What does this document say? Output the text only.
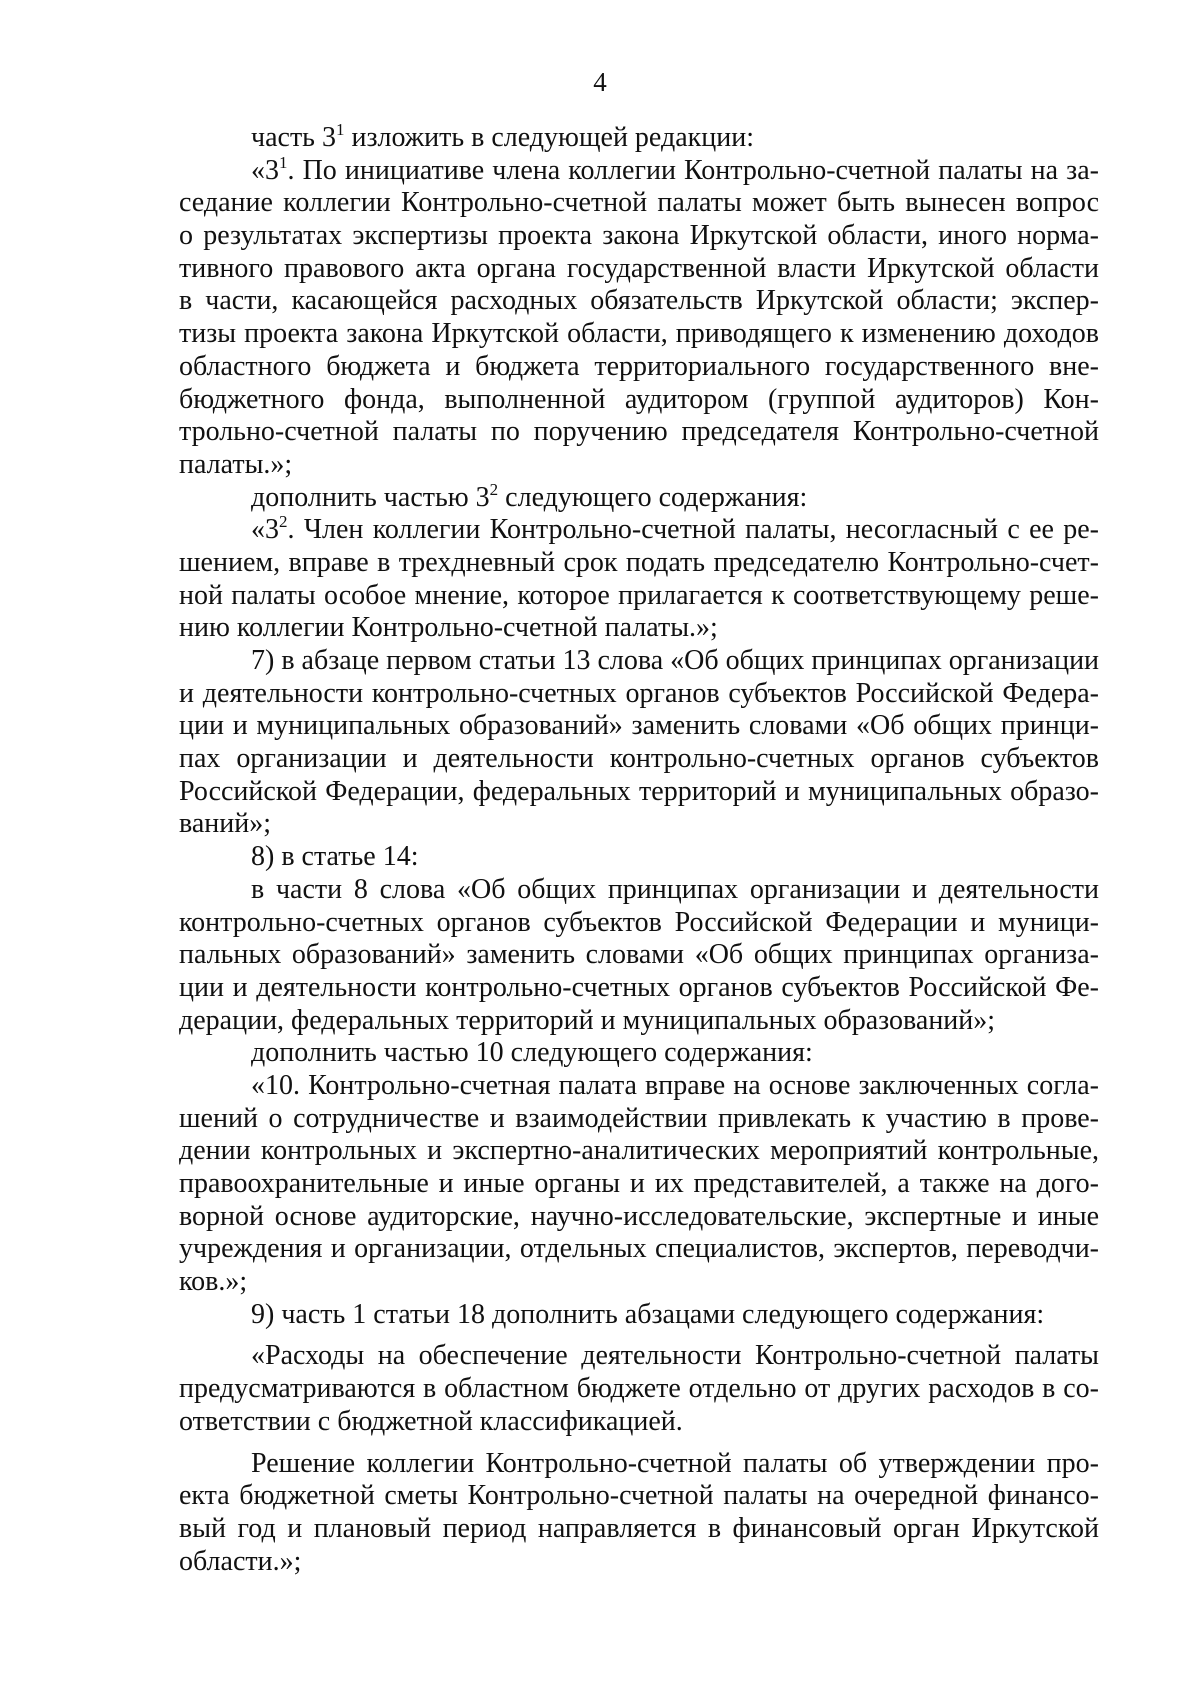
4
часть $3^1$ изложить в следующей редакции:
«$3^1$. По инициативе члена коллегии Контрольно-счетной палаты на за-
седание коллегии Контрольно-счетной палаты может быть вынесен вопрос
о результатах экспертизы проекта закона Иркутской области, иного норма-
тивного правового акта органа государственной власти Иркутской области
в части, касающейся расходных обязательств Иркутской области; экспер-
тизы проекта закона Иркутской области, приводящего к изменению доходов
областного бюджета и бюджета территориального государственного вне-
бюджетного фонда, выполненной аудитором (группой аудиторов) Кон-
трольно-счетной палаты по поручению председателя Контрольно-счетной
палаты.»;
дополнить частью $3^2$ следующего содержания:
«$3^2$. Член коллегии Контрольно-счетной палаты, несогласный с ее ре-
шением, вправе в трехдневный срок подать председателю Контрольно-счет-
ной палаты особое мнение, которое прилагается к соответствующему реше-
нию коллегии Контрольно-счетной палаты.»;
7) в абзаце первом статьи 13 слова «Об общих принципах организации
и деятельности контрольно-счетных органов субъектов Российской Федера-
ции и муниципальных образований» заменить словами «Об общих принци-
пах организации и деятельности контрольно-счетных органов субъектов
Российской Федерации, федеральных территорий и муниципальных образо-
ваний»;
8) в статье 14:
в части 8 слова «Об общих принципах организации и деятельности
контрольно-счетных органов субъектов Российской Федерации и муници-
пальных образований» заменить словами «Об общих принципах организа-
ции и деятельности контрольно-счетных органов субъектов Российской Фе-
дерации, федеральных территорий и муниципальных образований»;
дополнить частью 10 следующего содержания:
«10. Контрольно-счетная палата вправе на основе заключенных согла-
шений о сотрудничестве и взаимодействии привлекать к участию в прове-
дении контрольных и экспертно-аналитических мероприятий контрольные,
правоохранительные и иные органы и их представителей, а также на дого-
ворной основе аудиторские, научно-исследовательские, экспертные и иные
учреждения и организации, отдельных специалистов, экспертов, переводчи-
ков.»;
9) часть 1 статьи 18 дополнить абзацами следующего содержания:
«Расходы на обеспечение деятельности Контрольно-счетной палаты
предусматриваются в областном бюджете отдельно от других расходов в со-
ответствии с бюджетной классификацией.
Решение коллегии Контрольно-счетной палаты об утверждении про-
екта бюджетной сметы Контрольно-счетной палаты на очередной финансо-
вый год и плановый период направляется в финансовый орган Иркутской
области.»;
